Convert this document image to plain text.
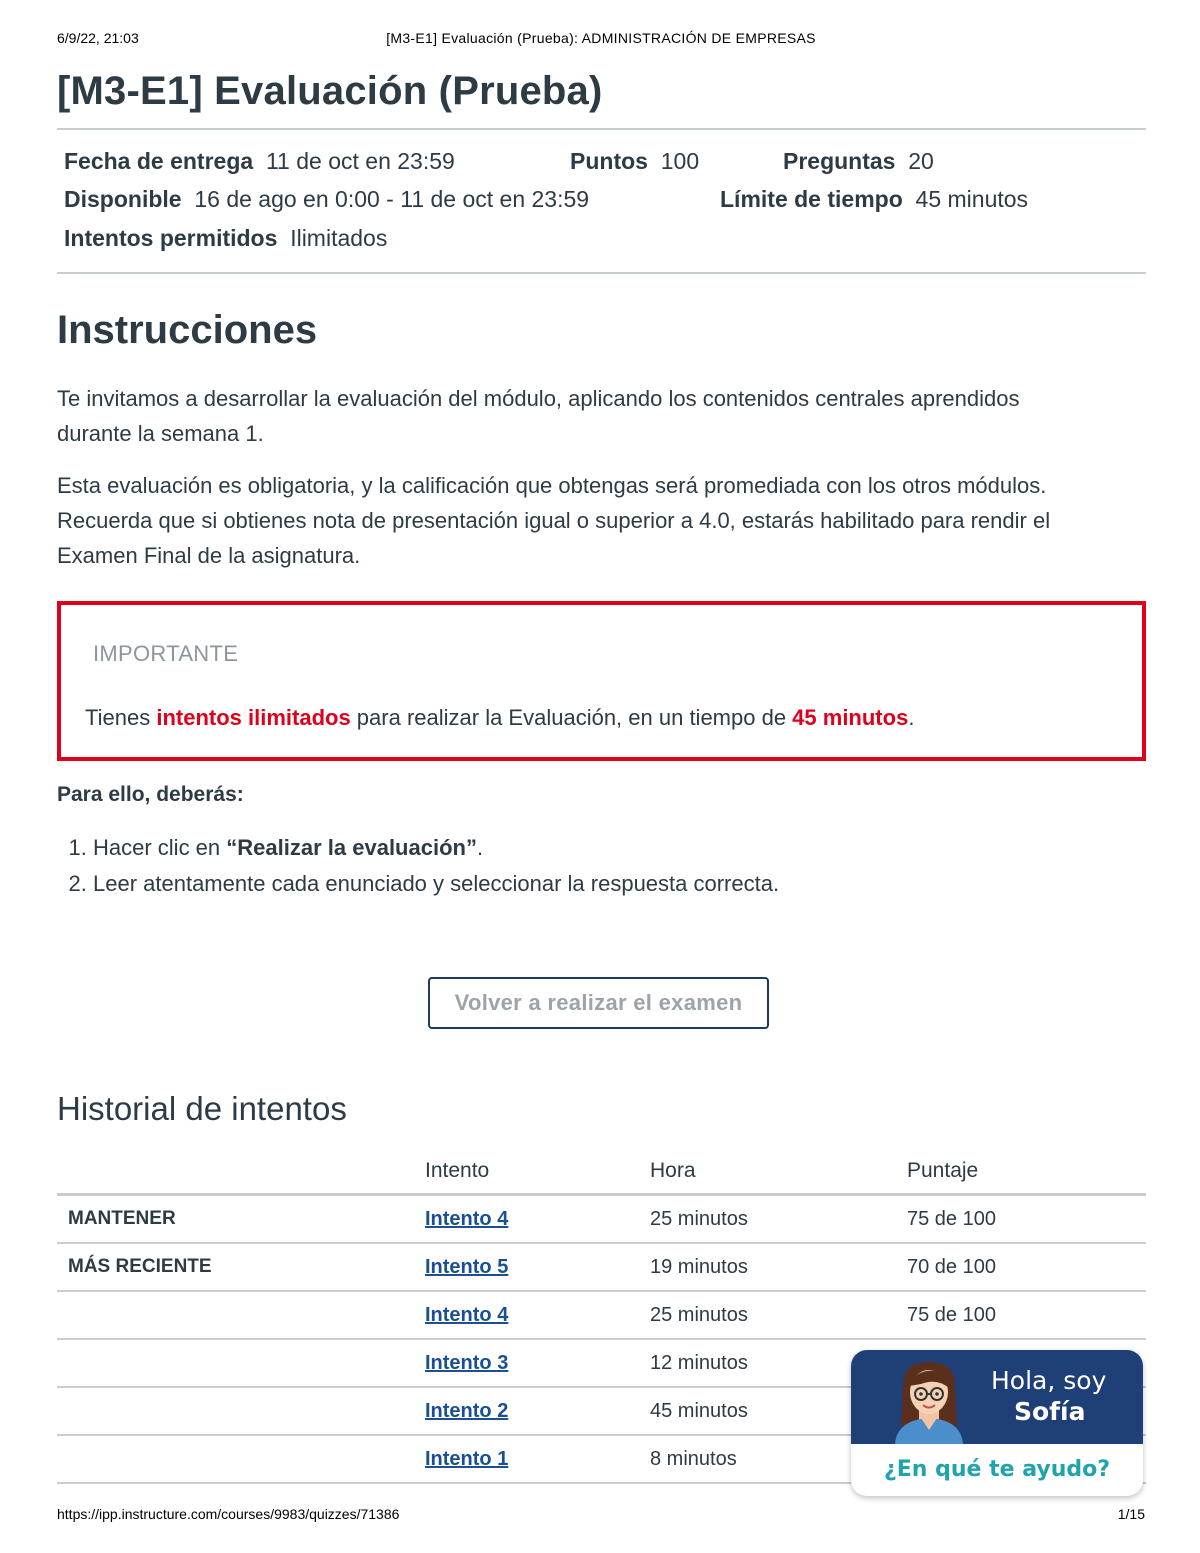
6/9/22, 21:03	[M3-E1] Evaluación (Prueba): ADMINISTRACIÓN DE EMPRESAS
[M3-E1] Evaluación (Prueba)
Fecha de entrega 11 de oct en 23:59	Puntos 100	Preguntas 20
Disponible 16 de ago en 0:00 - 11 de oct en 23:59	Límite de tiempo 45 minutos
Intentos permitidos Ilimitados
Instrucciones

Te invitamos a desarrollar la evaluación del módulo, aplicando los contenidos centrales aprendidos

durante la semana 1.

Esta evaluación es obligatoria, y la calificación que obtengas será promediada con los otros módulos.

Recuerda que si obtienes nota de presentación igual o superior a 4.0, estarás habilitado para rendir el

Examen Final de la asignatura.

IMPORTANTE
Tienes intentos ilimitados para realizar la Evaluación, en un tiempo de 45 minutos.
Para ello, deberás:
1. Hacer clic en “Realizar la evaluación”.
2. Leer atentamente cada enunciado y seleccionar la respuesta correcta.
Volver a realizar el examen
Historial de intentos
	Intento	Hora	Puntaje
MANTENER	Intento 4	25 minutos	75 de 100
MÁS RECIENTE	Intento 5	19 minutos	70 de 100
	Intento 4	25 minutos	75 de 100
	Intento 3	12 minutos	
	Intento 2	45 minutos	
	Intento 1	8 minutos	
Hola, soy
Sofía
¿En qué te ayudo?
https://ipp.instructure.com/courses/9983/quizzes/71386	1/15
